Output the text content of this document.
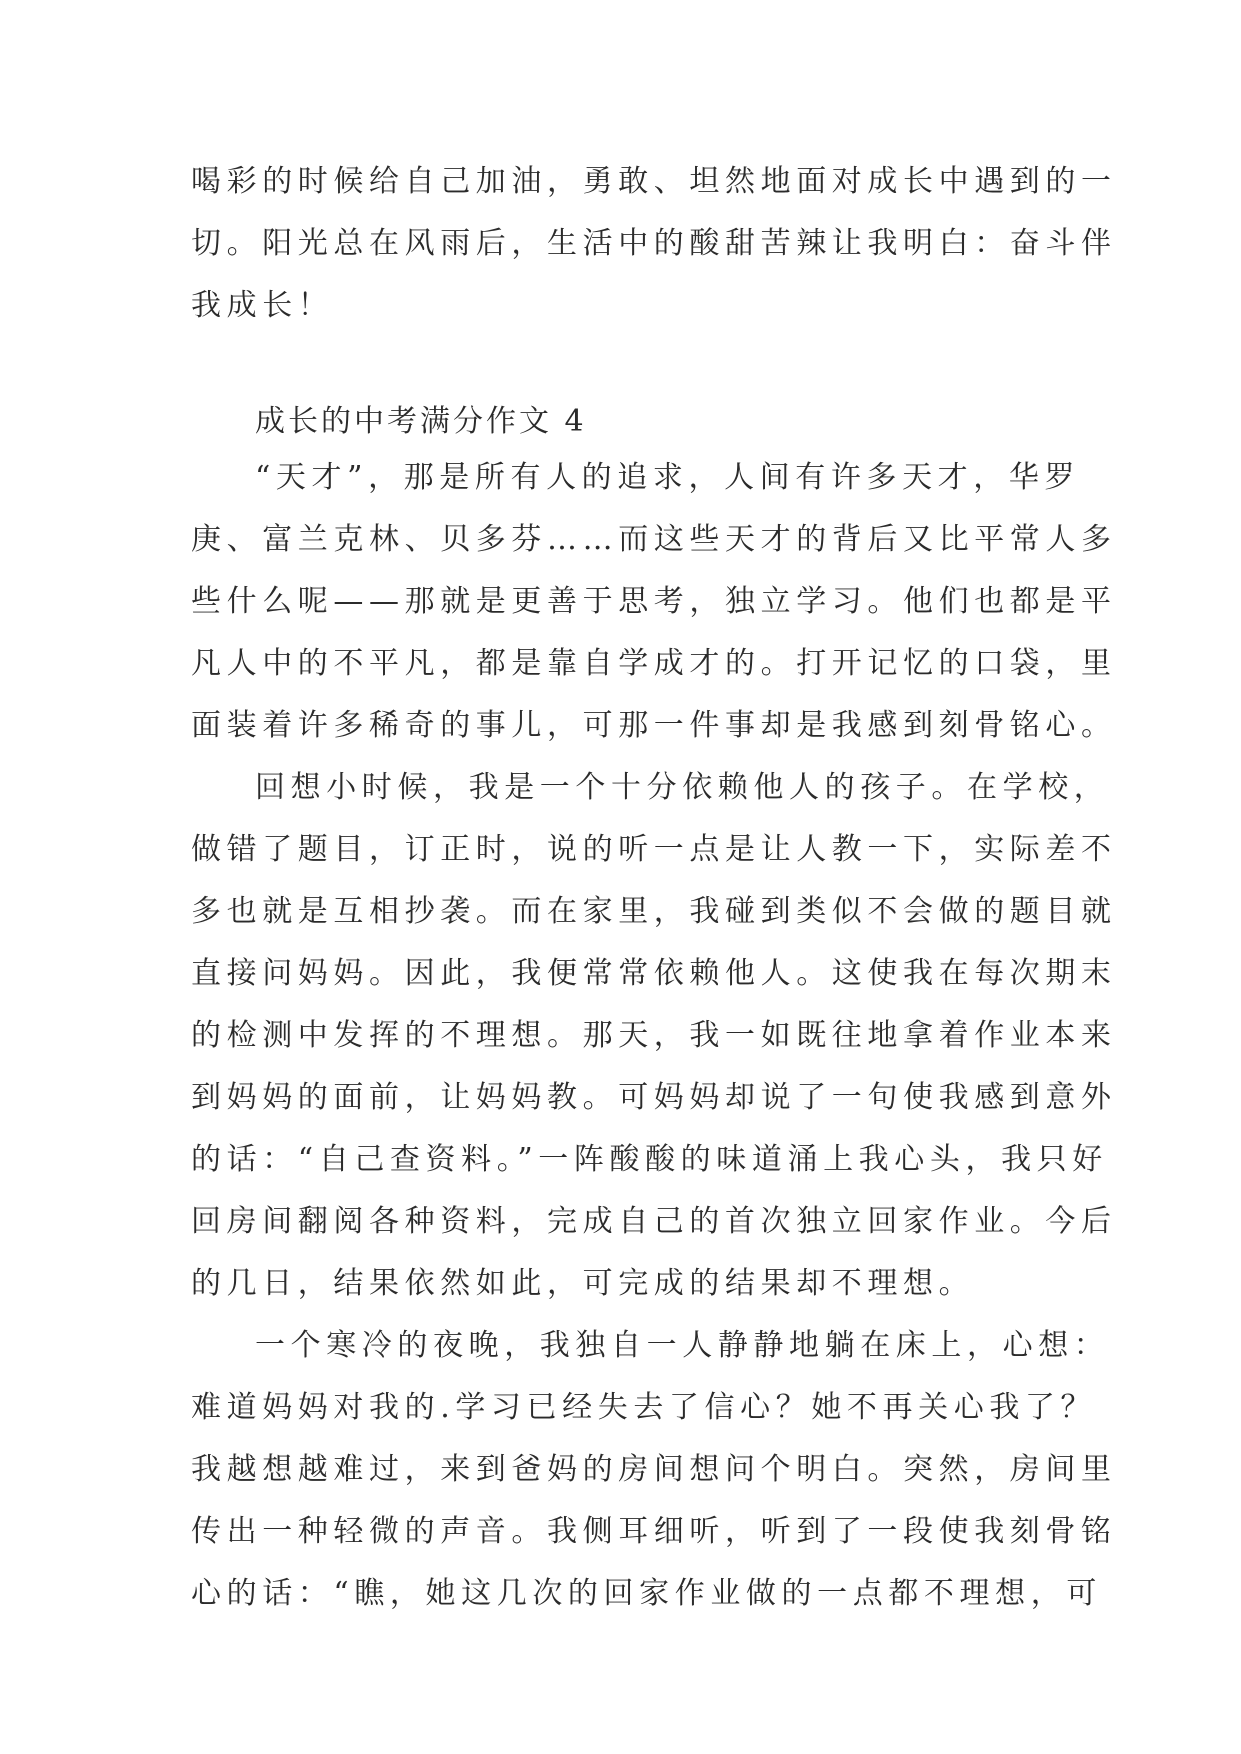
喝彩的时候给自己加油，勇敢、坦然地面对成长中遇到的一
切。阳光总在风雨后，生活中的酸甜苦辣让我明白：奋斗伴
我成长！
成长的中考满分作文 4
“天才”，那是所有人的追求，人间有许多天才，华罗
庚、富兰克林、贝多芬……而这些天才的背后又比平常人多
些什么呢——那就是更善于思考，独立学习。他们也都是平
凡人中的不平凡，都是靠自学成才的。打开记忆的口袋，里
面装着许多稀奇的事儿，可那一件事却是我感到刻骨铭心。
回想小时候，我是一个十分依赖他人的孩子。在学校，
做错了题目，订正时，说的听一点是让人教一下，实际差不
多也就是互相抄袭。而在家里，我碰到类似不会做的题目就
直接问妈妈。因此，我便常常依赖他人。这使我在每次期末
的检测中发挥的不理想。那天，我一如既往地拿着作业本来
到妈妈的面前，让妈妈教。可妈妈却说了一句使我感到意外
的话：“自己查资料。”一阵酸酸的味道涌上我心头，我只好
回房间翻阅各种资料，完成自己的首次独立回家作业。今后
的几日，结果依然如此，可完成的结果却不理想。
一个寒冷的夜晚，我独自一人静静地躺在床上，心想：
难道妈妈对我的.学习已经失去了信心？她不再关心我了？
我越想越难过，来到爸妈的房间想问个明白。突然，房间里
传出一种轻微的声音。我侧耳细听，听到了一段使我刻骨铭
心的话：“瞧，她这几次的回家作业做的一点都不理想，可
